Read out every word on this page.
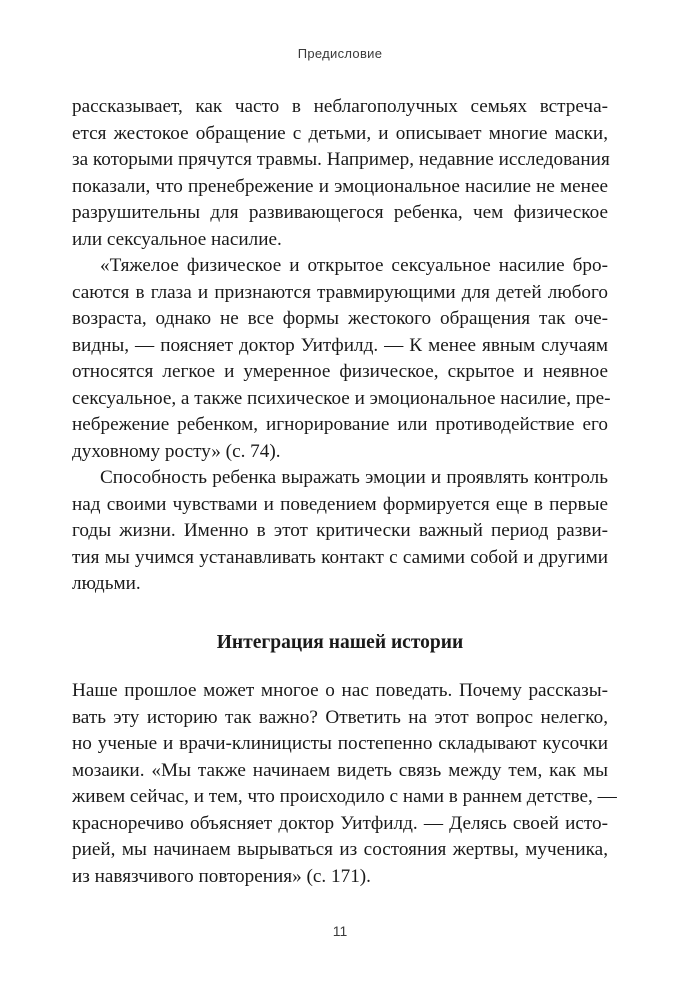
Предисловие

рассказывает, как часто в неблагополучных семьях встреча-
ется жестокое обращение с детьми, и описывает многие маски,
за которыми прячутся травмы. Например, недавние исследования
показали, что пренебрежение и эмоциональное насилие не менее
разрушительны для развивающегося ребенка, чем физическое
или сексуальное насилие.

«Тяжелое физическое и открытое сексуальное насилие бро-
саются в глаза и признаются травмирующими для детей любого
возраста, однако не все формы жестокого обращения так оче-
видны, — поясняет доктор Уитфилд. — К менее явным случаям
относятся легкое и умеренное физическое, скрытое и неявное
сексуальное, а также психическое и эмоциональное насилие, пре-
небрежение ребенком, игнорирование или противодействие его
духовному росту» (с. 74).

Способность ребенка выражать эмоции и проявлять контроль
над своими чувствами и поведением формируется еще в первые
годы жизни. Именно в этот критически важный период разви-
тия мы учимся устанавливать контакт с самими собой и другими
людьми.

Интеграция нашей истории

Наше прошлое может многое о нас поведать. Почему рассказы-
вать эту историю так важно? Ответить на этот вопрос нелегко,
но ученые и врачи-клиницисты постепенно складывают кусочки
мозаики. «Мы также начинаем видеть связь между тем, как мы
живем сейчас, и тем, что происходило с нами в раннем детстве, —
красноречиво объясняет доктор Уитфилд. — Делясь своей исто-
рией, мы начинаем вырываться из состояния жертвы, мученика,
из навязчивого повторения» (с. 171).

11
